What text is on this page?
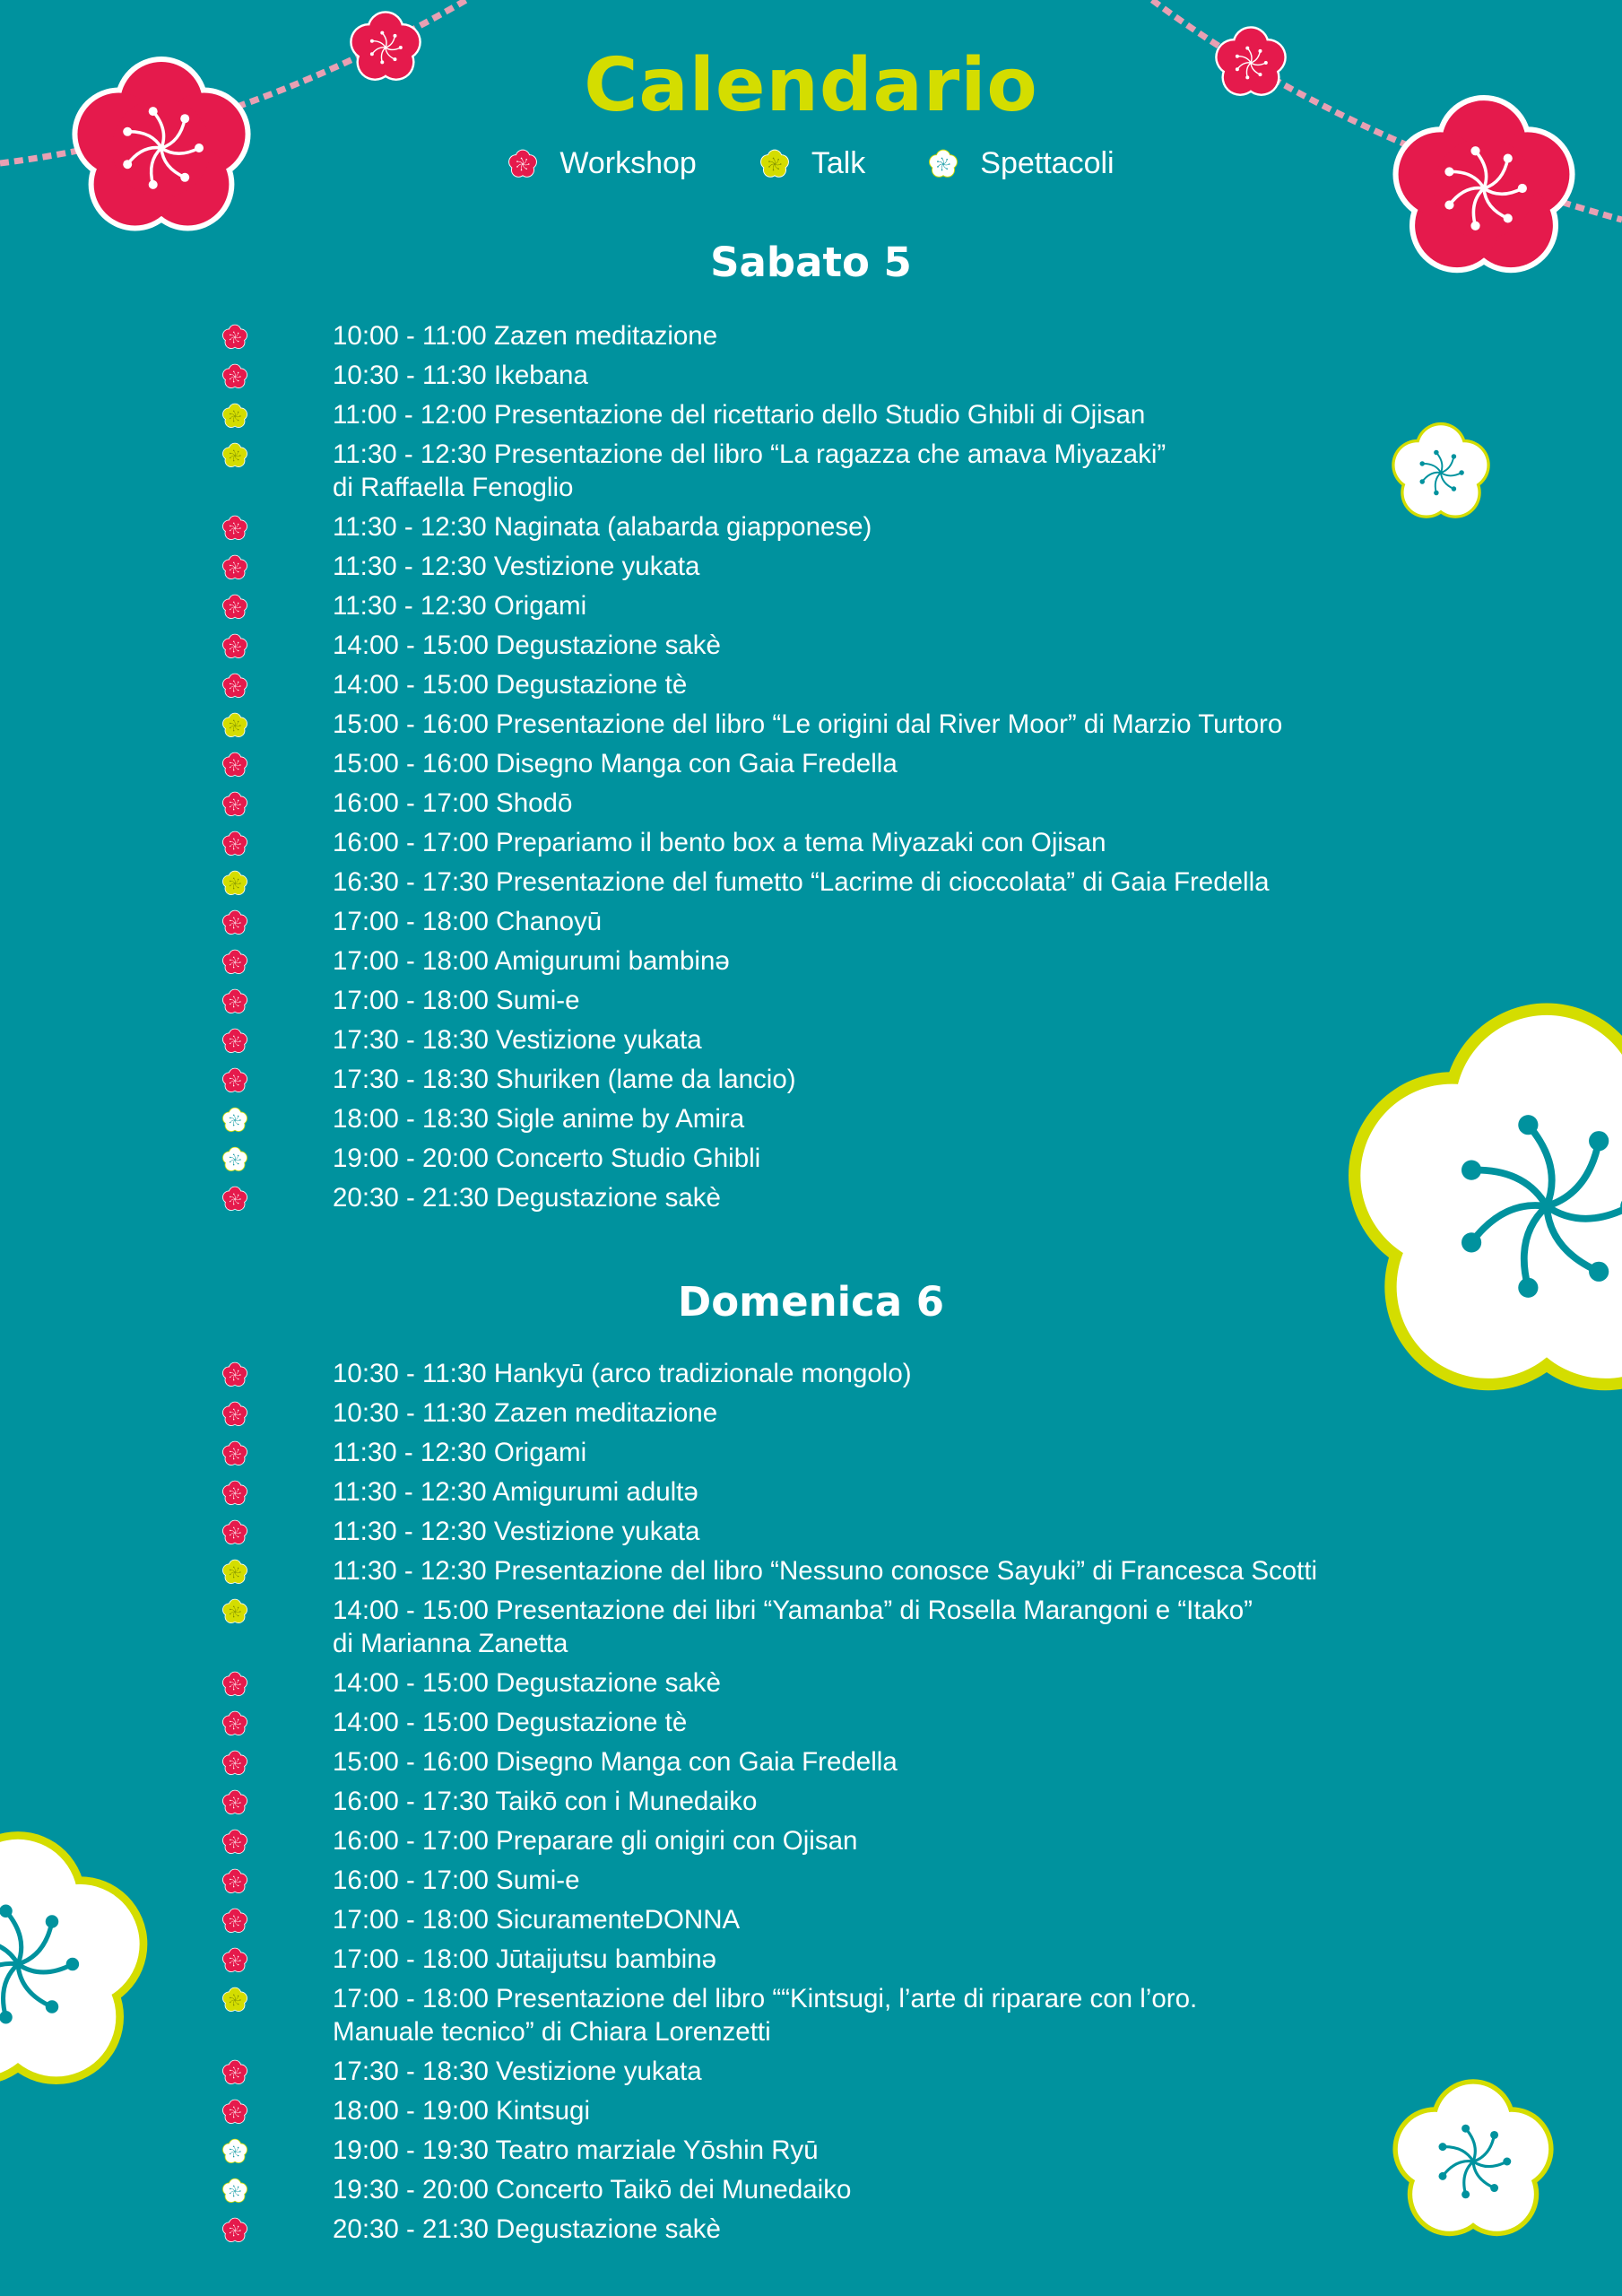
Calendario
Workshop	Talk	Spettacoli
Sabato 5
10:00 - 11:00 Zazen meditazione
10:30 - 11:30 Ikebana
11:00 - 12:00 Presentazione del ricettario dello Studio Ghibli di Ojisan
11:30 - 12:30 Presentazione del libro “La ragazza che amava Miyazaki”
di Raffaella Fenoglio
11:30 - 12:30 Naginata (alabarda giapponese)
11:30 - 12:30 Vestizione yukata
11:30 - 12:30 Origami
14:00 - 15:00 Degustazione sakè
14:00 - 15:00 Degustazione tè
15:00 - 16:00 Presentazione del libro “Le origini dal River Moor” di Marzio Turtoro
15:00 - 16:00 Disegno Manga con Gaia Fredella
16:00 - 17:00 Shodō
16:00 - 17:00 Prepariamo il bento box a tema Miyazaki con Ojisan
16:30 - 17:30 Presentazione del fumetto “Lacrime di cioccolata” di Gaia Fredella
17:00 - 18:00 Chanoyū
17:00 - 18:00 Amigurumi bambinə
17:00 - 18:00 Sumi-e
17:30 - 18:30 Vestizione yukata
17:30 - 18:30 Shuriken (lame da lancio)
18:00 - 18:30 Sigle anime by Amira
19:00 - 20:00 Concerto Studio Ghibli
20:30 - 21:30 Degustazione sakè
Domenica 6
10:30 - 11:30 Hankyū (arco tradizionale mongolo)
10:30 - 11:30 Zazen meditazione
11:30 - 12:30 Origami
11:30 - 12:30 Amigurumi adultə
11:30 - 12:30 Vestizione yukata
11:30 - 12:30 Presentazione del libro “Nessuno conosce Sayuki” di Francesca Scotti
14:00 - 15:00 Presentazione dei libri “Yamanba” di Rosella Marangoni e “Itako”
di Marianna Zanetta
14:00 - 15:00 Degustazione sakè
14:00 - 15:00 Degustazione tè
15:00 - 16:00 Disegno Manga con Gaia Fredella
16:00 - 17:30 Taikō con i Munedaiko
16:00 - 17:00 Preparare gli onigiri con Ojisan
16:00 - 17:00 Sumi-e
17:00 - 18:00 SicuramenteDONNA
17:00 - 18:00 Jūtaijutsu bambinə
17:00 - 18:00 Presentazione del libro ““Kintsugi, l’arte di riparare con l’oro.
Manuale tecnico” di Chiara Lorenzetti
17:30 - 18:30 Vestizione yukata
18:00 - 19:00 Kintsugi
19:00 - 19:30 Teatro marziale Yōshin Ryū
19:30 - 20:00 Concerto Taikō dei Munedaiko
20:30 - 21:30 Degustazione sakè
